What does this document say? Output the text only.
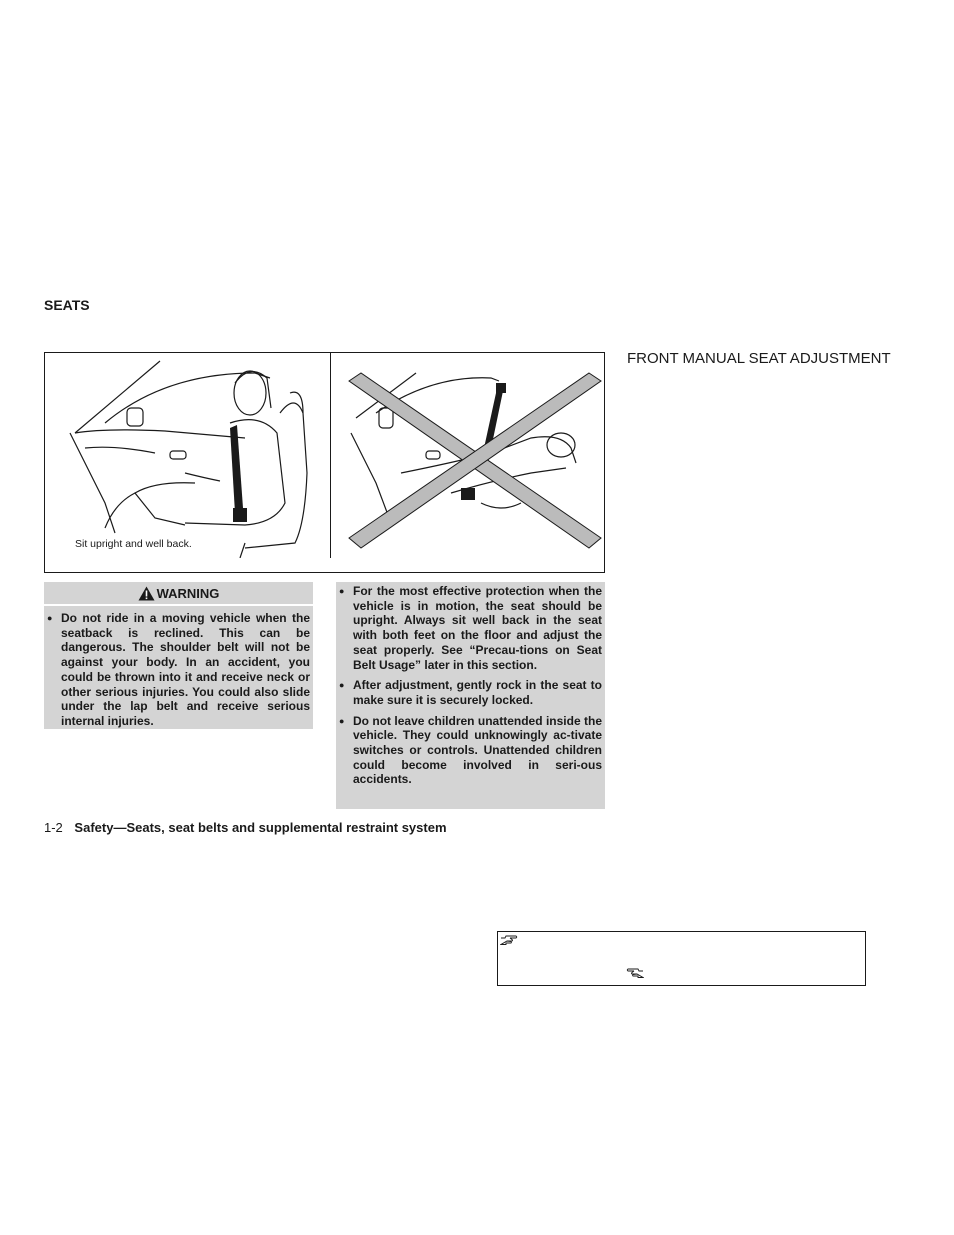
SEATS
Sit upright and well back.
FRONT MANUAL SEAT ADJUSTMENT
WARNING
● Do not ride in a moving vehicle when the seatback is reclined. This can be dangerous. The shoulder belt will not be against your body. In an accident, you could be thrown into it and receive neck or other serious injuries. You could also slide under the lap belt and receive serious internal injuries.
● For the most effective protection when the vehicle is in motion, the seat should be upright. Always sit well back in the seat with both feet on the floor and adjust the seat properly. See “Precau-tions on Seat Belt Usage” later in this section.
● After adjustment, gently rock in the seat to make sure it is securely locked.
● Do not leave children unattended inside the vehicle. They could unknowingly ac-tivate switches or controls. Unattended children could become involved in seri-ous accidents.
1-2 Safety—Seats, seat belts and supplemental restraint system
